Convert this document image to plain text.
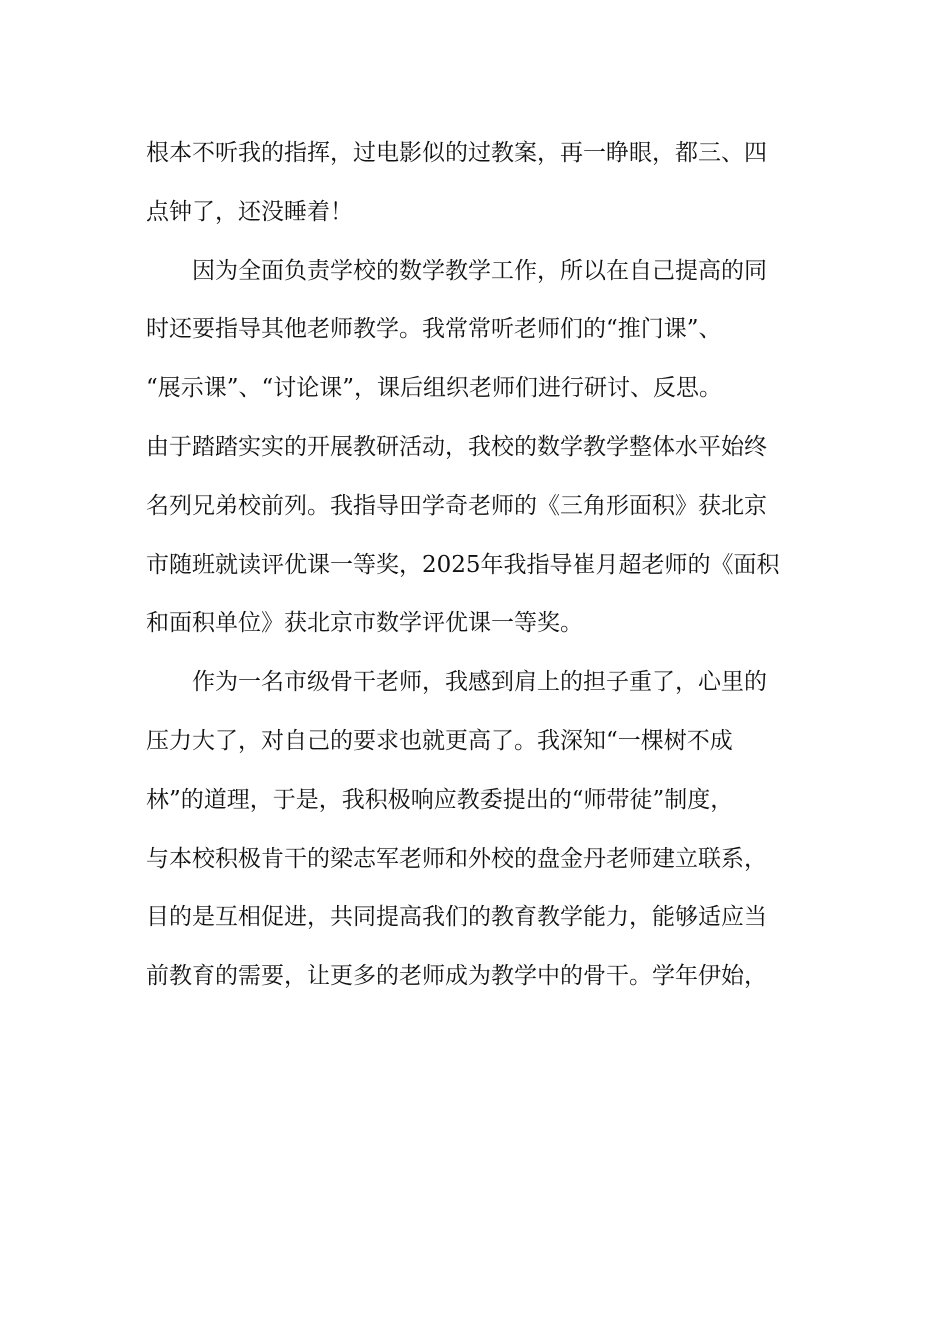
根本不听我的指挥，过电影似的过教案，再一睁眼，都三、四
点钟了，还没睡着！
因为全面负责学校的数学教学工作，所以在自己提高的同
时还要指导其他老师教学。我常常听老师们的“推门课”、
“展示课”、“讨论课”，课后组织老师们进行研讨、反思。
由于踏踏实实的开展教研活动，我校的数学教学整体水平始终
名列兄弟校前列。我指导田学奇老师的《三角形面积》获北京
市随班就读评优课一等奖，2025年我指导崔月超老师的《面积
和面积单位》获北京市数学评优课一等奖。
作为一名市级骨干老师，我感到肩上的担子重了，心里的
压力大了，对自己的要求也就更高了。我深知“一棵树不成
林”的道理，于是，我积极响应教委提出的“师带徒”制度，
与本校积极肯干的梁志军老师和外校的盘金丹老师建立联系，
目的是互相促进，共同提高我们的教育教学能力，能够适应当
前教育的需要，让更多的老师成为教学中的骨干。学年伊始，
